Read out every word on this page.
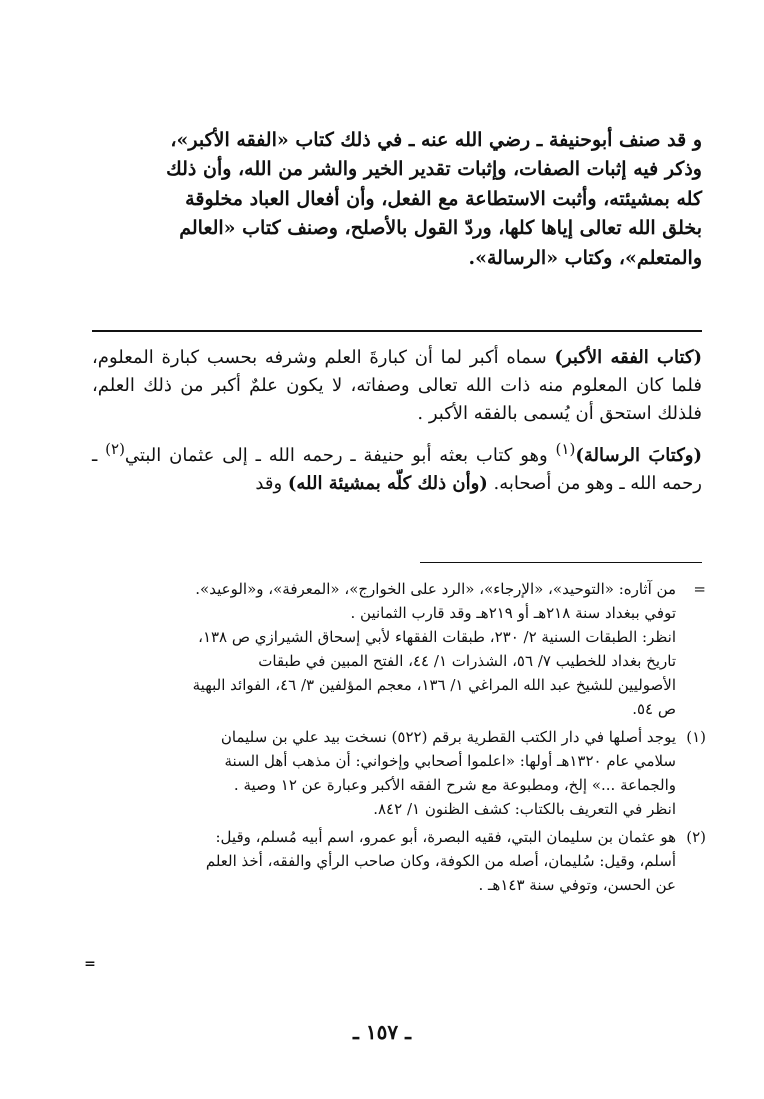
و قد صنف أبوحنيفة ـ رضي الله عنه ـ في ذلك كتاب «الفقه الأكبر»،

وذكر فيه إثبات الصفات، وإثبات تقدير الخير والشر من الله، وأن ذلك

كله بمشيئته، وأثبت الاستطاعة مع الفعل، وأن أفعال العباد مخلوقة

بخلق الله تعالى إياها كلها، وردّ القول بالأصلح، وصنف كتاب «العالم

والمتعلم»، وكتاب «الرسالة».

(كتاب الفقه الأكبر) سماه أكبر لما أن كبارةَ العلم وشرفه بحسب كبارة المعلوم، فلما كان المعلوم منه ذات الله تعالى وصفاته، لا يكون علمٌ أكبر من ذلك العلم، فلذلك استحق أن يُسمى بالفقه الأكبر .

(وكتابَ الرسالة)$^{(١)}$ وهو كتاب بعثه أبو حنيفة ـ رحمه الله ـ إلى عثمان البتي$^{(٢)}$ ـ رحمه الله ـ وهو من أصحابه. (وأن ذلك كلّه بمشيئة الله) وقد

=
من آثاره: «التوحيد»، «الإرجاء»، «الرد على الخوارج»، «المعرفة»، و«الوعيد».
توفي ببغداد سنة ٢١٨هـ أو ٢١٩هـ وقد قارب الثمانين .
انظر: الطبقات السنية ٢/ ٢٣٠، طبقات الفقهاء لأبي إسحاق الشيرازي ص ١٣٨،
تاريخ بغداد للخطيب ٧/ ٥٦، الشذرات ١/ ٤٤، الفتح المبين في طبقات
الأصوليين للشيخ عبد الله المراغي ١/ ١٣٦، معجم المؤلفين ٣/ ٤٦، الفوائد البهية
ص ٥٤.
(١)
يوجد أصلها في دار الكتب القطرية برقم (٥٢٢) نسخت بيد علي بن سليمان
سلامي عام ١٣٢٠هـ أولها: «اعلموا أصحابي وإخواني: أن مذهب أهل السنة
والجماعة ...» إلخ، ومطبوعة مع شرح الفقه الأكبر وعبارة عن ١٢ وصية .
انظر في التعريف بالكتاب: كشف الظنون ١/ ٨٤٢.
(٢)
هو عثمان بن سليمان البتي، فقيه البصرة، أبو عمرو، اسم أبيه مُسلم، وقيل:
أسلم، وقيل: سُليمان، أصله من الكوفة، وكان صاحب الرأي والفقه، أخذ العلم
عن الحسن، وتوفي سنة ١٤٣هـ .
=
ـ ١٥٧ ـ
